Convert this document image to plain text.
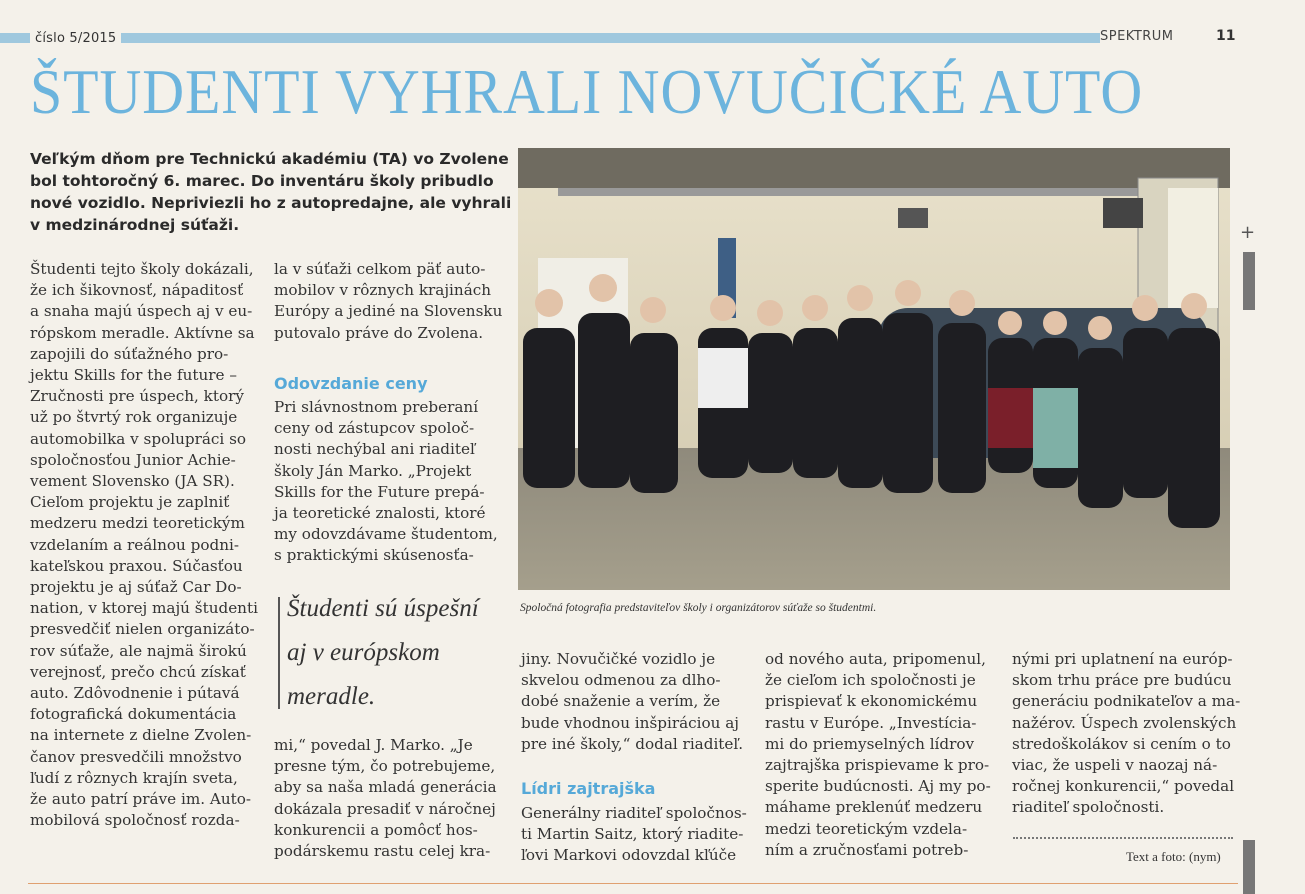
číslo 5/2015	SPEKTRUM	11
ŠTUDENTI VYHRALI NOVUČIČKÉ AUTO
Veľkým dňom pre Technickú akadémiu (TA) vo Zvolene
bol tohtoročný 6. marec. Do inventáru školy pribudlo
nové vozidlo. Nepriviezli ho z autopredajne, ale vyhrali
v medzinárodnej súťaži.
Študenti tejto školy dokázali,
že ich šikovnosť, nápaditosť
a snaha majú úspech aj v eu-
rópskom meradle. Aktívne sa
zapojili do súťažného pro-
jektu Skills for the future –
Zručnosti pre úspech, ktorý
už po štvrtý rok organizuje
automobilka v spolupráci so
spoločnosťou Junior Achie-
vement Slovensko (JA SR).
Cieľom projektu je zaplniť
medzeru medzi teoretickým
vzdelaním a reálnou podni-
kateľskou praxou. Súčasťou
projektu je aj súťaž Car Do-
nation, v ktorej majú študenti
presvedčiť nielen organizáto-
rov súťaže, ale najmä širokú
verejnosť, prečo chcú získať
auto. Zdôvodnenie i pútavá
fotografická dokumentácia
na internete z dielne Zvolen-
čanov presvedčili množstvo
ľudí z rôznych krajín sveta,
že auto patrí práve im. Auto-
mobilová spoločnosť rozda-
la v súťaži celkom päť auto-
mobilov v rôznych krajinách
Európy a jediné na Slovensku
putovalo práve do Zvolena.
Odovzdanie ceny
Pri slávnostnom preberaní
ceny od zástupcov spoloč-
nosti nechýbal ani riaditeľ
školy Ján Marko. „Projekt
Skills for the Future prepá-
ja teoretické znalosti, ktoré
my odovzdávame študentom,
s praktickými skúsenosťa-
Študenti sú úspešní
aj v európskom
meradle.
mi,“ povedal J. Marko. „Je
presne tým, čo potrebujeme,
aby sa naša mladá generácia
dokázala presadiť v náročnej
konkurencii a pomôcť hos-
podárskemu rastu celej kra-
Spoločná fotografia predstaviteľov školy i organizátorov súťaže so študentmi.
jiny. Novučičké vozidlo je
skvelou odmenou za dlho-
dobé snaženie a verím, že
bude vhodnou inšpiráciou aj
pre iné školy,“ dodal riaditeľ.
Lídri zajtrajška
Generálny riaditeľ spoločnos-
ti Martin Saitz, ktorý riadite-
ľovi Markovi odovzdal kľúče
od nového auta, pripomenul,
že cieľom ich spoločnosti je
prispievať k ekonomickému
rastu v Európe. „Investícia-
mi do priemyselných lídrov
zajtrajška prispievame k pro-
sperite budúcnosti. Aj my po-
máhame preklenúť medzeru
medzi teoretickým vzdela-
ním a zručnosťami potreb-
nými pri uplatnení na európ-
skom trhu práce pre budúcu
generáciu podnikateľov a ma-
nažérov. Úspech zvolenských
stredoškolákov si cením o to
viac, že uspeli v naozaj ná-
ročnej konkurencii,“ povedal
riaditeľ spoločnosti.
Text a foto: (nym)
+
